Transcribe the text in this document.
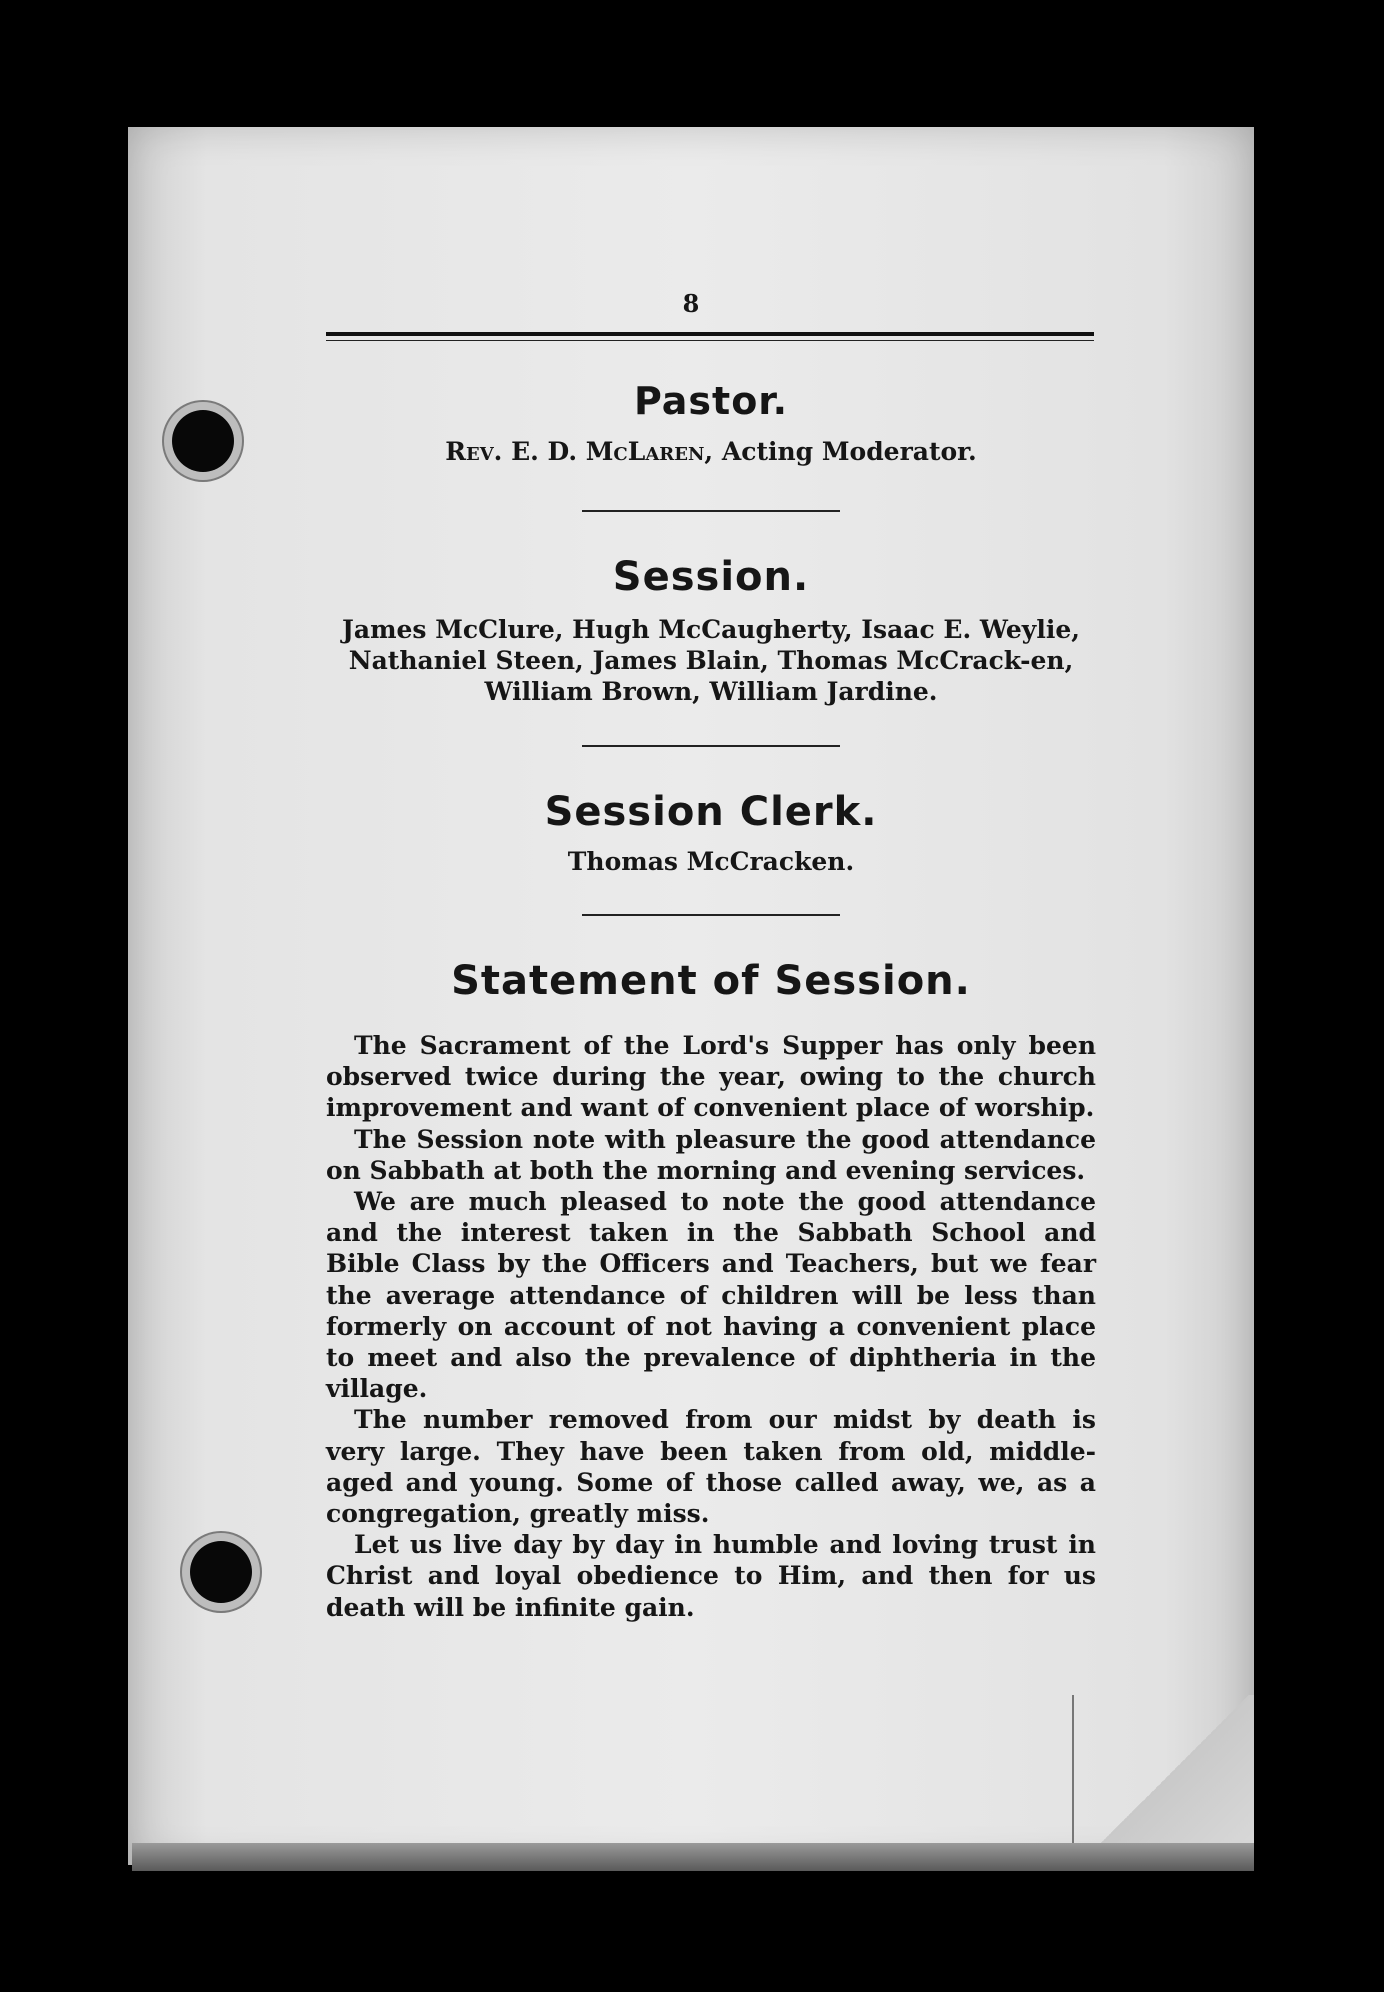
8
Pastor.
Rev. E. D. McLaren, Acting Moderator.
Session.
James McClure, Hugh McCaugherty, Isaac E. Weylie, Nathaniel Steen, James Blain, Thomas McCrack-en, William Brown, William Jardine.
Session Clerk.
Thomas McCracken.
Statement of Session.

The Sacrament of the Lord's Supper has only been observed twice during the year, owing to the church improvement and want of convenient place of worship.

The Session note with pleasure the good attendance on Sabbath at both the morning and evening services.

We are much pleased to note the good attendance and the interest taken in the Sabbath School and Bible Class by the Officers and Teachers, but we fear the average attendance of children will be less than formerly on account of not having a convenient place to meet and also the prevalence of diphtheria in the village.

The number removed from our midst by death is very large. They have been taken from old, middle-aged and young. Some of those called away, we, as a congregation, greatly miss.

Let us live day by day in humble and loving trust in Christ and loyal obedience to Him, and then for us death will be infinite gain.
